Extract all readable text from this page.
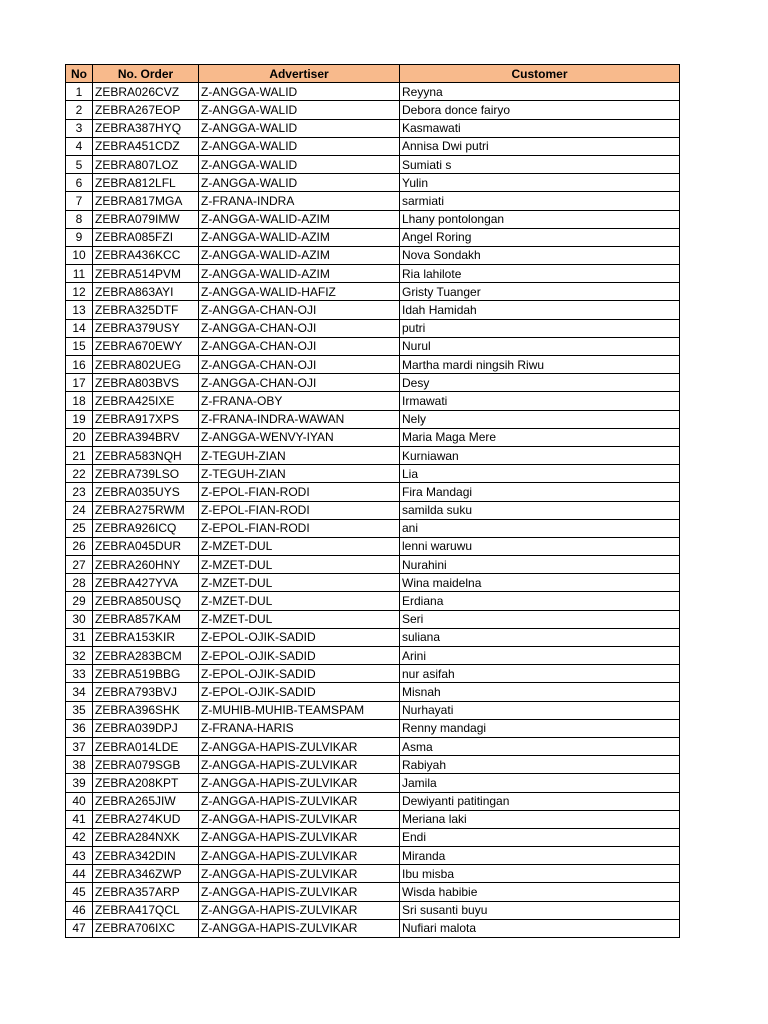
No	No. Order	Advertiser	Customer
1	ZEBRA026CVZ	Z-ANGGA-WALID	Reyyna
2	ZEBRA267EOP	Z-ANGGA-WALID	Debora donce fairyo
3	ZEBRA387HYQ	Z-ANGGA-WALID	Kasmawati
4	ZEBRA451CDZ	Z-ANGGA-WALID	Annisa Dwi putri
5	ZEBRA807LOZ	Z-ANGGA-WALID	Sumiati s
6	ZEBRA812LFL	Z-ANGGA-WALID	Yulin
7	ZEBRA817MGA	Z-FRANA-INDRA	sarmiati
8	ZEBRA079IMW	Z-ANGGA-WALID-AZIM	Lhany pontolongan
9	ZEBRA085FZI	Z-ANGGA-WALID-AZIM	Angel Roring
10	ZEBRA436KCC	Z-ANGGA-WALID-AZIM	Nova Sondakh
11	ZEBRA514PVM	Z-ANGGA-WALID-AZIM	Ria lahilote
12	ZEBRA863AYI	Z-ANGGA-WALID-HAFIZ	Gristy Tuanger
13	ZEBRA325DTF	Z-ANGGA-CHAN-OJI	Idah Hamidah
14	ZEBRA379USY	Z-ANGGA-CHAN-OJI	putri
15	ZEBRA670EWY	Z-ANGGA-CHAN-OJI	Nurul
16	ZEBRA802UEG	Z-ANGGA-CHAN-OJI	Martha mardi ningsih Riwu
17	ZEBRA803BVS	Z-ANGGA-CHAN-OJI	Desy
18	ZEBRA425IXE	Z-FRANA-OBY	Irmawati
19	ZEBRA917XPS	Z-FRANA-INDRA-WAWAN	Nely
20	ZEBRA394BRV	Z-ANGGA-WENVY-IYAN	Maria Maga Mere
21	ZEBRA583NQH	Z-TEGUH-ZIAN	Kurniawan
22	ZEBRA739LSO	Z-TEGUH-ZIAN	Lia
23	ZEBRA035UYS	Z-EPOL-FIAN-RODI	Fira Mandagi
24	ZEBRA275RWM	Z-EPOL-FIAN-RODI	samilda suku
25	ZEBRA926ICQ	Z-EPOL-FIAN-RODI	ani
26	ZEBRA045DUR	Z-MZET-DUL	lenni waruwu
27	ZEBRA260HNY	Z-MZET-DUL	Nurahini
28	ZEBRA427YVA	Z-MZET-DUL	Wina maidelna
29	ZEBRA850USQ	Z-MZET-DUL	Erdiana
30	ZEBRA857KAM	Z-MZET-DUL	Seri
31	ZEBRA153KIR	Z-EPOL-OJIK-SADID	suliana
32	ZEBRA283BCM	Z-EPOL-OJIK-SADID	Arini
33	ZEBRA519BBG	Z-EPOL-OJIK-SADID	nur asifah
34	ZEBRA793BVJ	Z-EPOL-OJIK-SADID	Misnah
35	ZEBRA396SHK	Z-MUHIB-MUHIB-TEAMSPAM	Nurhayati
36	ZEBRA039DPJ	Z-FRANA-HARIS	Renny mandagi
37	ZEBRA014LDE	Z-ANGGA-HAPIS-ZULVIKAR	Asma
38	ZEBRA079SGB	Z-ANGGA-HAPIS-ZULVIKAR	Rabiyah
39	ZEBRA208KPT	Z-ANGGA-HAPIS-ZULVIKAR	Jamila
40	ZEBRA265JIW	Z-ANGGA-HAPIS-ZULVIKAR	Dewiyanti patitingan
41	ZEBRA274KUD	Z-ANGGA-HAPIS-ZULVIKAR	Meriana laki
42	ZEBRA284NXK	Z-ANGGA-HAPIS-ZULVIKAR	Endi
43	ZEBRA342DIN	Z-ANGGA-HAPIS-ZULVIKAR	Miranda
44	ZEBRA346ZWP	Z-ANGGA-HAPIS-ZULVIKAR	Ibu misba
45	ZEBRA357ARP	Z-ANGGA-HAPIS-ZULVIKAR	Wisda habibie
46	ZEBRA417QCL	Z-ANGGA-HAPIS-ZULVIKAR	Sri susanti buyu
47	ZEBRA706IXC	Z-ANGGA-HAPIS-ZULVIKAR	Nufiari malota
